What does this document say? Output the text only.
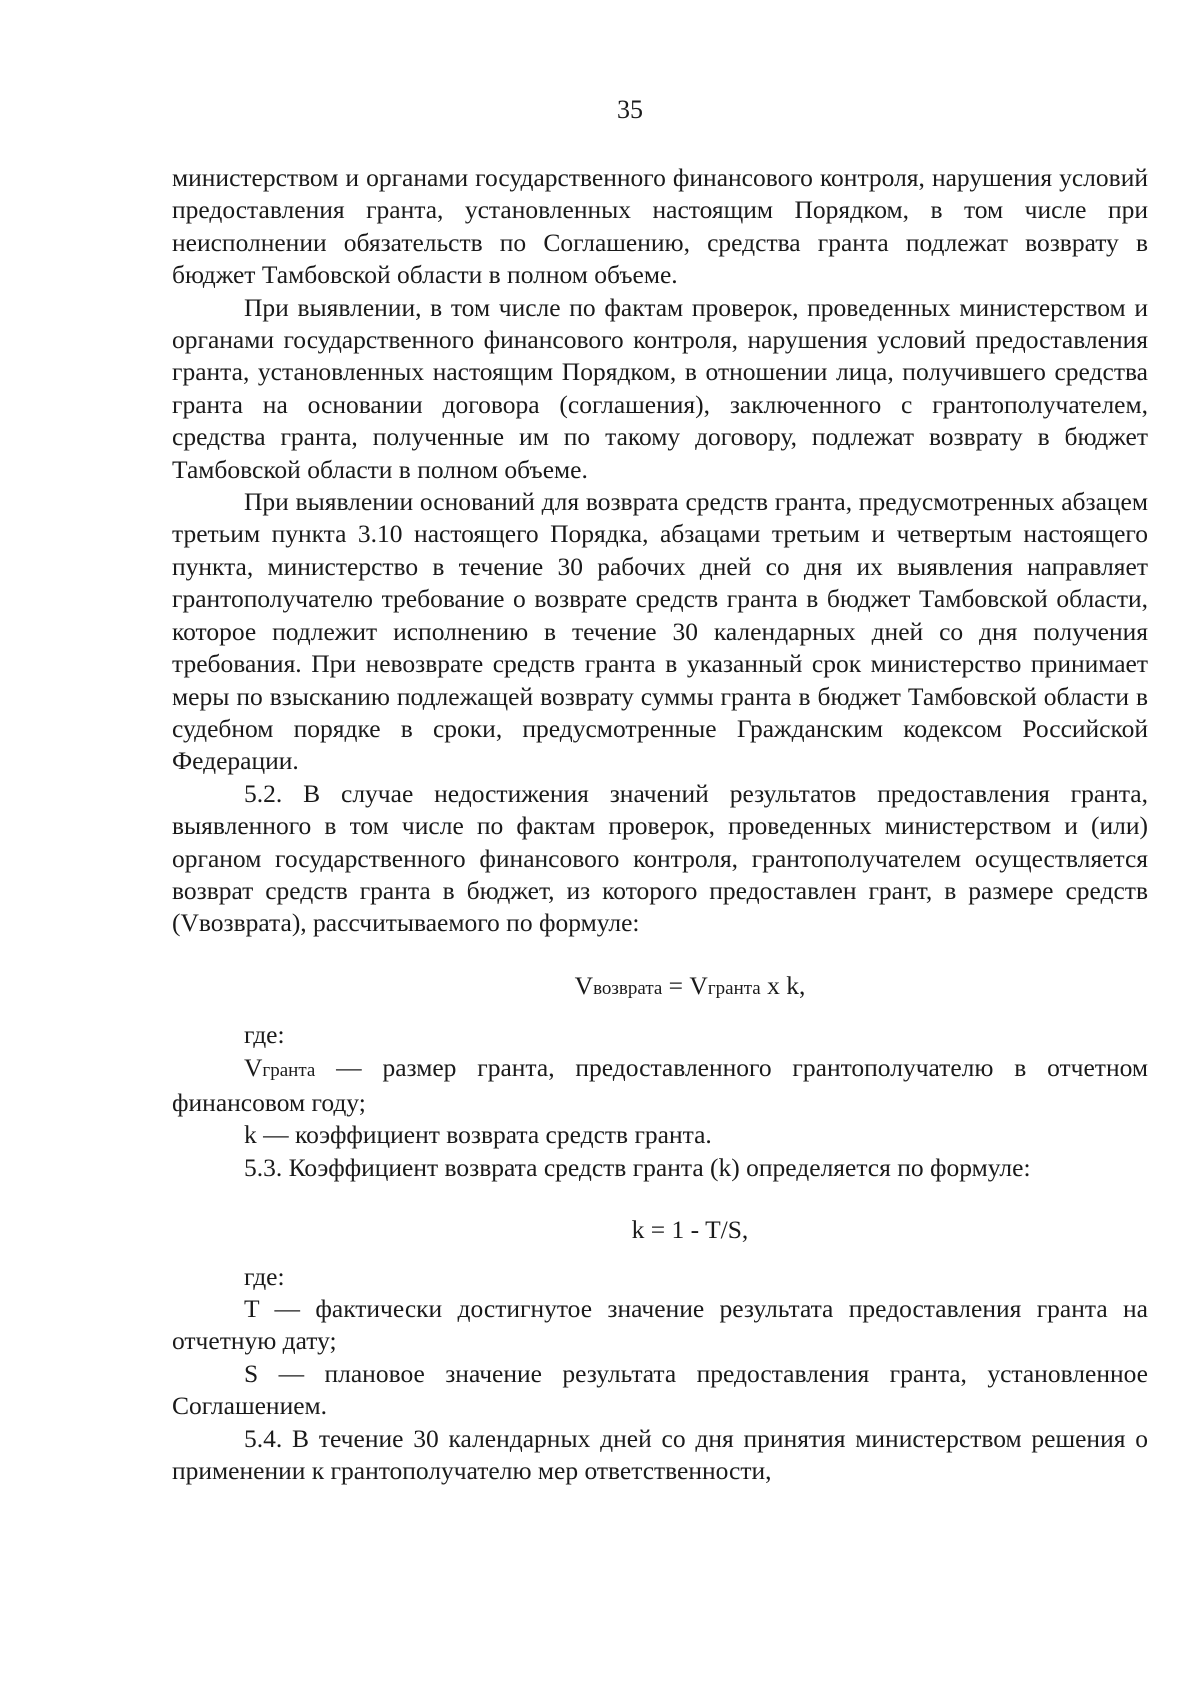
35

министерством и органами государственного финансового контроля, нарушения условий предоставления гранта, установленных настоящим Порядком, в том числе при неисполнении обязательств по Соглашению, средства гранта подлежат возврату в бюджет Тамбовской области в полном объеме.

При выявлении, в том числе по фактам проверок, проведенных министерством и органами государственного финансового контроля, нарушения условий предоставления гранта, установленных настоящим Порядком, в отношении лица, получившего средства гранта на основании договора (соглашения), заключенного с грантополучателем, средства гранта, полученные им по такому договору, подлежат возврату в бюджет Тамбовской области в полном объеме.

При выявлении оснований для возврата средств гранта, предусмотренных абзацем третьим пункта 3.10 настоящего Порядка, абзацами третьим и четвертым настоящего пункта, министерство в течение 30 рабочих дней со дня их выявления направляет грантополучателю требование о возврате средств гранта в бюджет Тамбовской области, которое подлежит исполнению в течение 30 календарных дней со дня получения требования. При невозврате средств гранта в указанный срок министерство принимает меры по взысканию подлежащей возврату суммы гранта в бюджет Тамбовской области в судебном порядке в сроки, предусмотренные Гражданским кодексом Российской Федерации.

5.2. В случае недостижения значений результатов предоставления гранта, выявленного в том числе по фактам проверок, проведенных министерством и (или) органом государственного финансового контроля, грантополучателем осуществляется возврат средств гранта в бюджет, из которого предоставлен грант, в размере средств (Vвозврата), рассчитываемого по формуле:

Vвозврата = Vгранта x k,

где:

Vгранта — размер гранта, предоставленного грантополучателю в отчетном финансовом году;

k — коэффициент возврата средств гранта.

5.3. Коэффициент возврата средств гранта (k) определяется по формуле:

k = 1 - T/S,

где:

T — фактически достигнутое значение результата предоставления гранта на отчетную дату;

S — плановое значение результата предоставления гранта, установленное Соглашением.

5.4. В течение 30 календарных дней со дня принятия министерством решения о применении к грантополучателю мер ответственности,
